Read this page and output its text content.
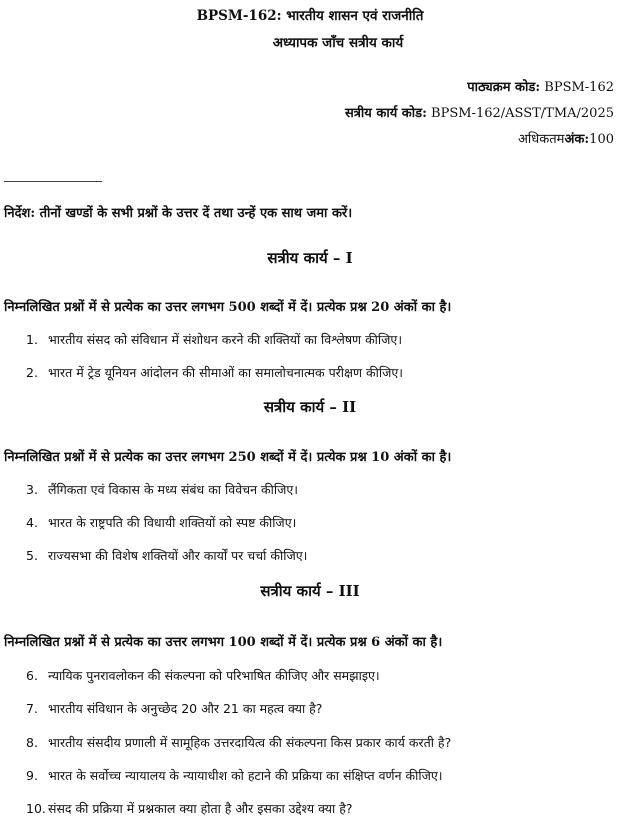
BPSM-162: भारतीय शासन एवं राजनीति
अध्यापक जाँच सत्रीय कार्य
पाठ्यक्रम कोड: BPSM-162
सत्रीय कार्य कोड: BPSM-162/ASST/TMA/2025
अधिकतमअंक:100
निर्देश: तीनों खण्डों के सभी प्रश्नों के उत्तर दें तथा उन्हें एक साथ जमा करें।
सत्रीय कार्य – I
निम्नलिखित प्रश्नों में से प्रत्येक का उत्तर लगभग 500 शब्दों में दें। प्रत्येक प्रश्न 20 अंकों का है।
1. भारतीय संसद को संविधान में संशोधन करने की शक्तियों का विश्लेषण कीजिए।
2. भारत में ट्रेड यूनियन आंदोलन की सीमाओं का समालोचनात्मक परीक्षण कीजिए।
सत्रीय कार्य – II
निम्नलिखित प्रश्नों में से प्रत्येक का उत्तर लगभग 250 शब्दों में दें। प्रत्येक प्रश्न 10 अंकों का है।
3. लैंगिकता एवं विकास के मध्य संबंध का विवेचन कीजिए।
4. भारत के राष्ट्रपति की विधायी शक्तियों को स्पष्ट कीजिए।
5. राज्यसभा की विशेष शक्तियों और कार्यों पर चर्चा कीजिए।
सत्रीय कार्य – III
निम्नलिखित प्रश्नों में से प्रत्येक का उत्तर लगभग 100 शब्दों में दें। प्रत्येक प्रश्न 6 अंकों का है।
6. न्यायिक पुनरावलोकन की संकल्पना को परिभाषित कीजिए और समझाइए।
7. भारतीय संविधान के अनुच्छेद 20 और 21 का महत्व क्या है?
8. भारतीय संसदीय प्रणाली में सामूहिक उत्तरदायित्व की संकल्पना किस प्रकार कार्य करती है?
9. भारत के सर्वोच्च न्यायालय के न्यायाधीश को हटाने की प्रक्रिया का संक्षिप्त वर्णन कीजिए।
10. संसद की प्रक्रिया में प्रश्नकाल क्या होता है और इसका उद्देश्य क्या है?
